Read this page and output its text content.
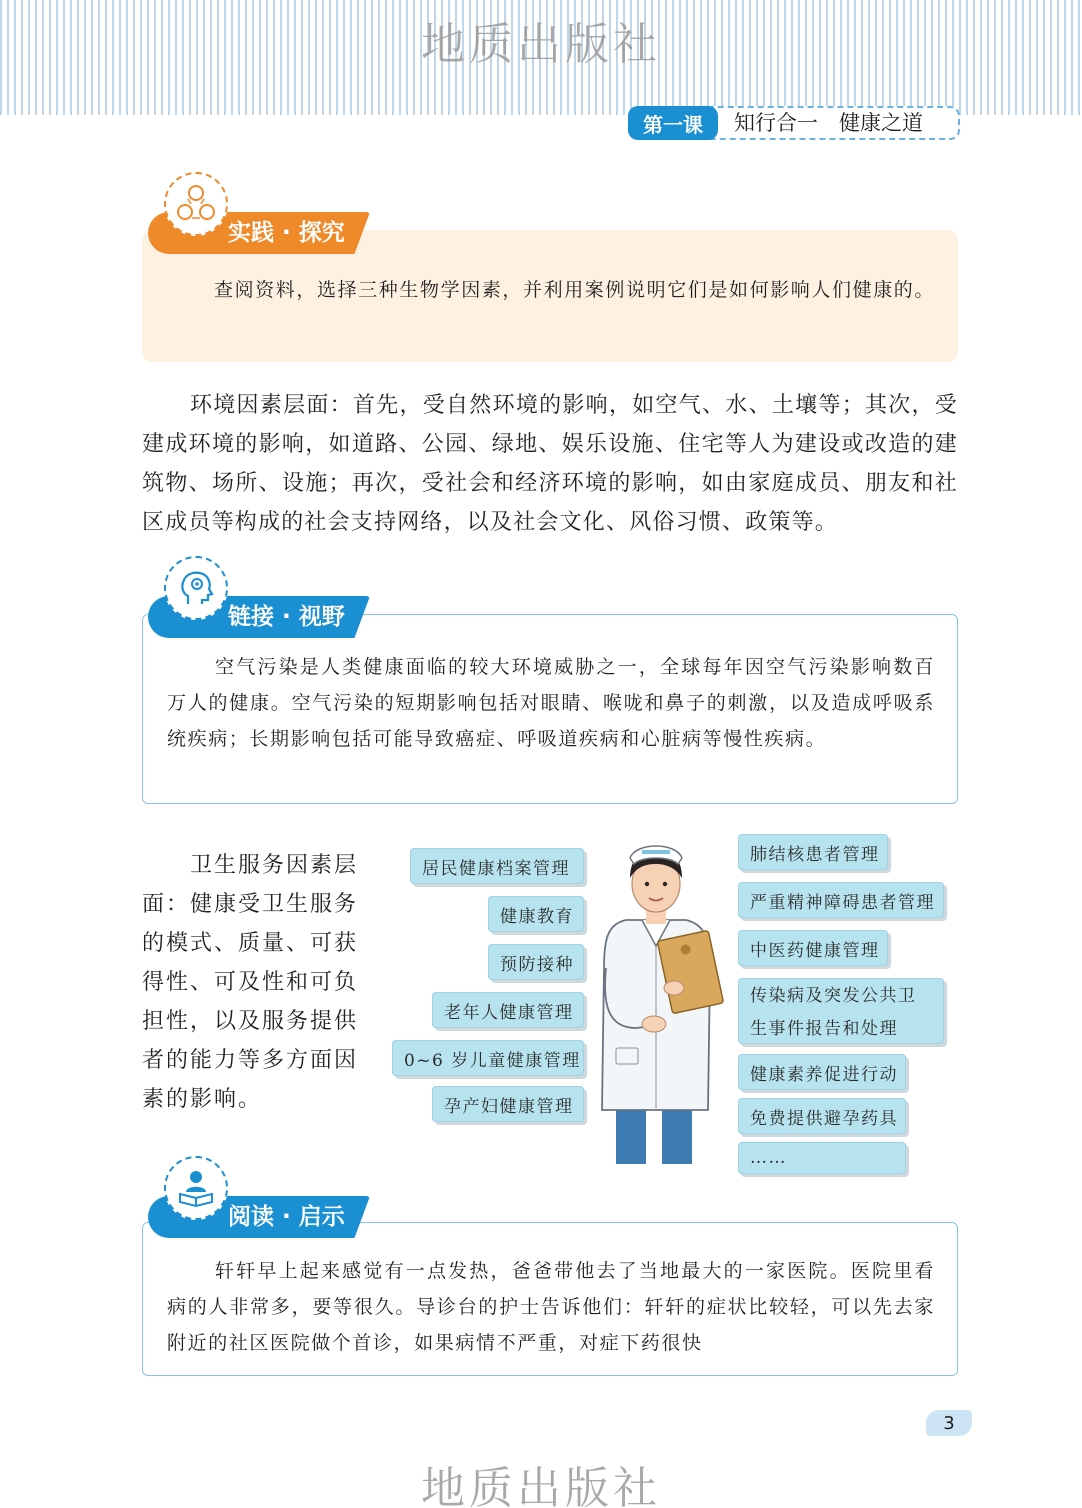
地质出版社
第一课	知行合一　健康之道

查阅资料，选择三种生物学因素，并利用案例说明它们是如何影响人们健康的。

实践 · 探究

环境因素层面：首先，受自然环境的影响，如空气、水、土壤等；其次，受建成环境的影响，如道路、公园、绿地、娱乐设施、住宅等人为建设或改造的建筑物、场所、设施；再次，受社会和经济环境的影响，如由家庭成员、朋友和社区成员等构成的社会支持网络，以及社会文化、风俗习惯、政策等。

空气污染是人类健康面临的较大环境威胁之一，全球每年因空气污染影响数百万人的健康。空气污染的短期影响包括对眼睛、喉咙和鼻子的刺激，以及造成呼吸系统疾病；长期影响包括可能导致癌症、呼吸道疾病和心脏病等慢性疾病。

链接 · 视野

卫生服务因素层面：健康受卫生服务的模式、质量、可获得性、可及性和可负担性，以及服务提供者的能力等多方面因素的影响。

居民健康档案管理
健康教育
预防接种
老年人健康管理
0~6 岁儿童健康管理
孕产妇健康管理
肺结核患者管理
严重精神障碍患者管理
中医药健康管理
传染病及突发公共卫生事件报告和处理
健康素养促进行动
免费提供避孕药具
……

轩轩早上起来感觉有一点发热，爸爸带他去了当地最大的一家医院。医院里看病的人非常多，要等很久。导诊台的护士告诉他们：轩轩的症状比较轻，可以先去家附近的社区医院做个首诊，如果病情不严重，对症下药很快

阅读 · 启示
3
地质出版社
